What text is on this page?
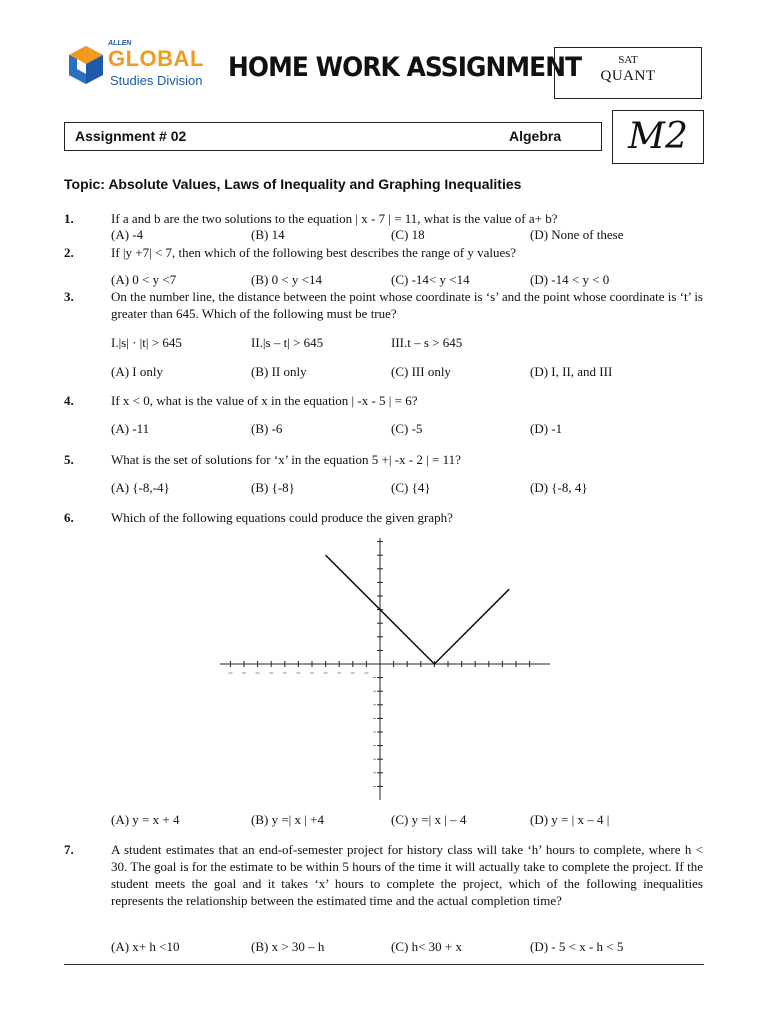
ALLEN
GLOBAL
Studies Division HOME WORK ASSIGNMENT	SAT
QUANT
Assignment # 02	Algebra	M2
Topic: Absolute Values, Laws of Inequality and Graphing Inequalities
1.	If a and b are the two solutions to the equation | x - 7 | = 11, what is the value of a+ b?
(A) -4	(B) 14	(C) 18	(D) None of these
2.	If |y +7| < 7, then which of the following best describes the range of y values?
(A) 0 < y <7	(B) 0 < y <14	(C) -14< y <14	(D) -14 < y < 0
3.	On the number line, the distance between the point whose coordinate is ‘s’ and the point whose coordinate is ‘t’ is greater than 645. Which of the following must be true?
I.|s| · |t| > 645	II.|s – t| > 645	III.t – s > 645
(A) I only	(B) II only	(C) III only	(D) I, II, and III
4.	If x < 0, what is the value of x in the equation | -x - 5 | = 6?
(A) -11	(B) -6	(C) -5	(D) -1
5.	What is the set of solutions for ‘x’ in the equation 5 +| -x - 2 | = 11?
(A) {-8,-4}	(B) {-8}	(C) {4}	(D) {-8, 4}
6.	Which of the following equations could produce the given graph?
(A) y = x + 4	(B) y =| x | +4	(C) y =| x | – 4	(D) y = | x – 4 |
7.	A student estimates that an end-of-semester project for history class will take ‘h’ hours to complete, where h < 30. The goal is for the estimate to be within 5 hours of the time it will actually take to complete the project. If the student meets the goal and it takes ‘x’ hours to complete the project, which of the following inequalities represents the relationship between the estimated time and the actual completion time?
(A) x+ h <10	(B) x > 30 – h	(C) h< 30 + x	(D) - 5 < x - h < 5
